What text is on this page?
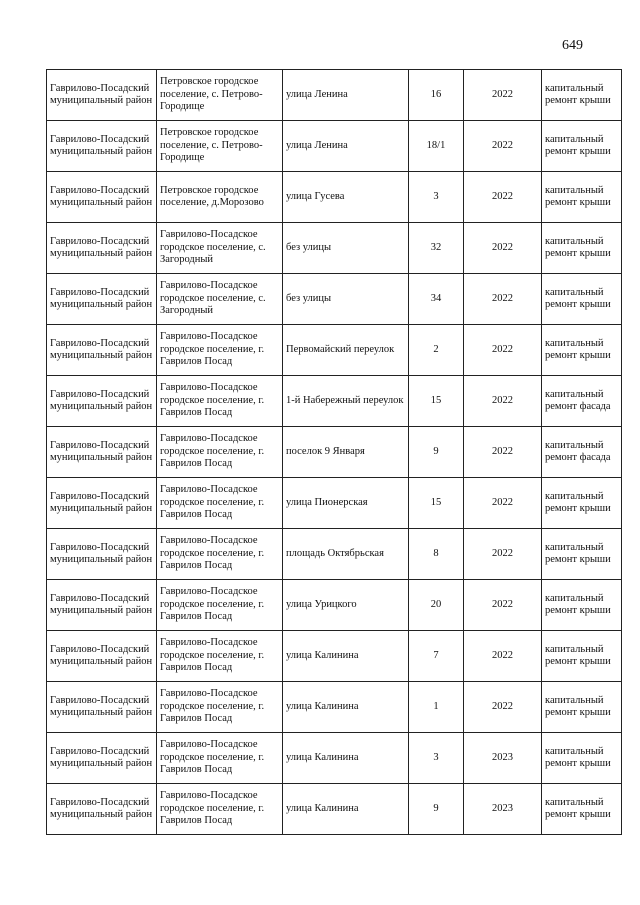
649
Гаврилово-Посадский муниципальный район	Петровское городское поселение, с. Петрово-Городище	улица Ленина	16	2022	капитальный ремонт крыши
Гаврилово-Посадский муниципальный район	Петровское городское поселение, с. Петрово-Городище	улица Ленина	18/1	2022	капитальный ремонт крыши
Гаврилово-Посадский муниципальный район	Петровское городское поселение, д.Морозово	улица Гусева	3	2022	капитальный ремонт крыши
Гаврилово-Посадский муниципальный район	Гаврилово-Посадское городское поселение, с. Загородный	без улицы	32	2022	капитальный ремонт крыши
Гаврилово-Посадский муниципальный район	Гаврилово-Посадское городское поселение, с. Загородный	без улицы	34	2022	капитальный ремонт крыши
Гаврилово-Посадский муниципальный район	Гаврилово-Посадское городское поселение, г. Гаврилов Посад	Первомайский переулок	2	2022	капитальный ремонт крыши
Гаврилово-Посадский муниципальный район	Гаврилово-Посадское городское поселение, г. Гаврилов Посад	1-й Набережный переулок	15	2022	капитальный ремонт фасада
Гаврилово-Посадский муниципальный район	Гаврилово-Посадское городское поселение, г. Гаврилов Посад	поселок 9 Января	9	2022	капитальный ремонт фасада
Гаврилово-Посадский муниципальный район	Гаврилово-Посадское городское поселение, г. Гаврилов Посад	улица Пионерская	15	2022	капитальный ремонт крыши
Гаврилово-Посадский муниципальный район	Гаврилово-Посадское городское поселение, г. Гаврилов Посад	площадь Октябрьская	8	2022	капитальный ремонт крыши
Гаврилово-Посадский муниципальный район	Гаврилово-Посадское городское поселение, г. Гаврилов Посад	улица Урицкого	20	2022	капитальный ремонт крыши
Гаврилово-Посадский муниципальный район	Гаврилово-Посадское городское поселение, г. Гаврилов Посад	улица Калинина	7	2022	капитальный ремонт крыши
Гаврилово-Посадский муниципальный район	Гаврилово-Посадское городское поселение, г. Гаврилов Посад	улица Калинина	1	2022	капитальный ремонт крыши
Гаврилово-Посадский муниципальный район	Гаврилово-Посадское городское поселение, г. Гаврилов Посад	улица Калинина	3	2023	капитальный ремонт крыши
Гаврилово-Посадский муниципальный район	Гаврилово-Посадское городское поселение, г. Гаврилов Посад	улица Калинина	9	2023	капитальный ремонт крыши
